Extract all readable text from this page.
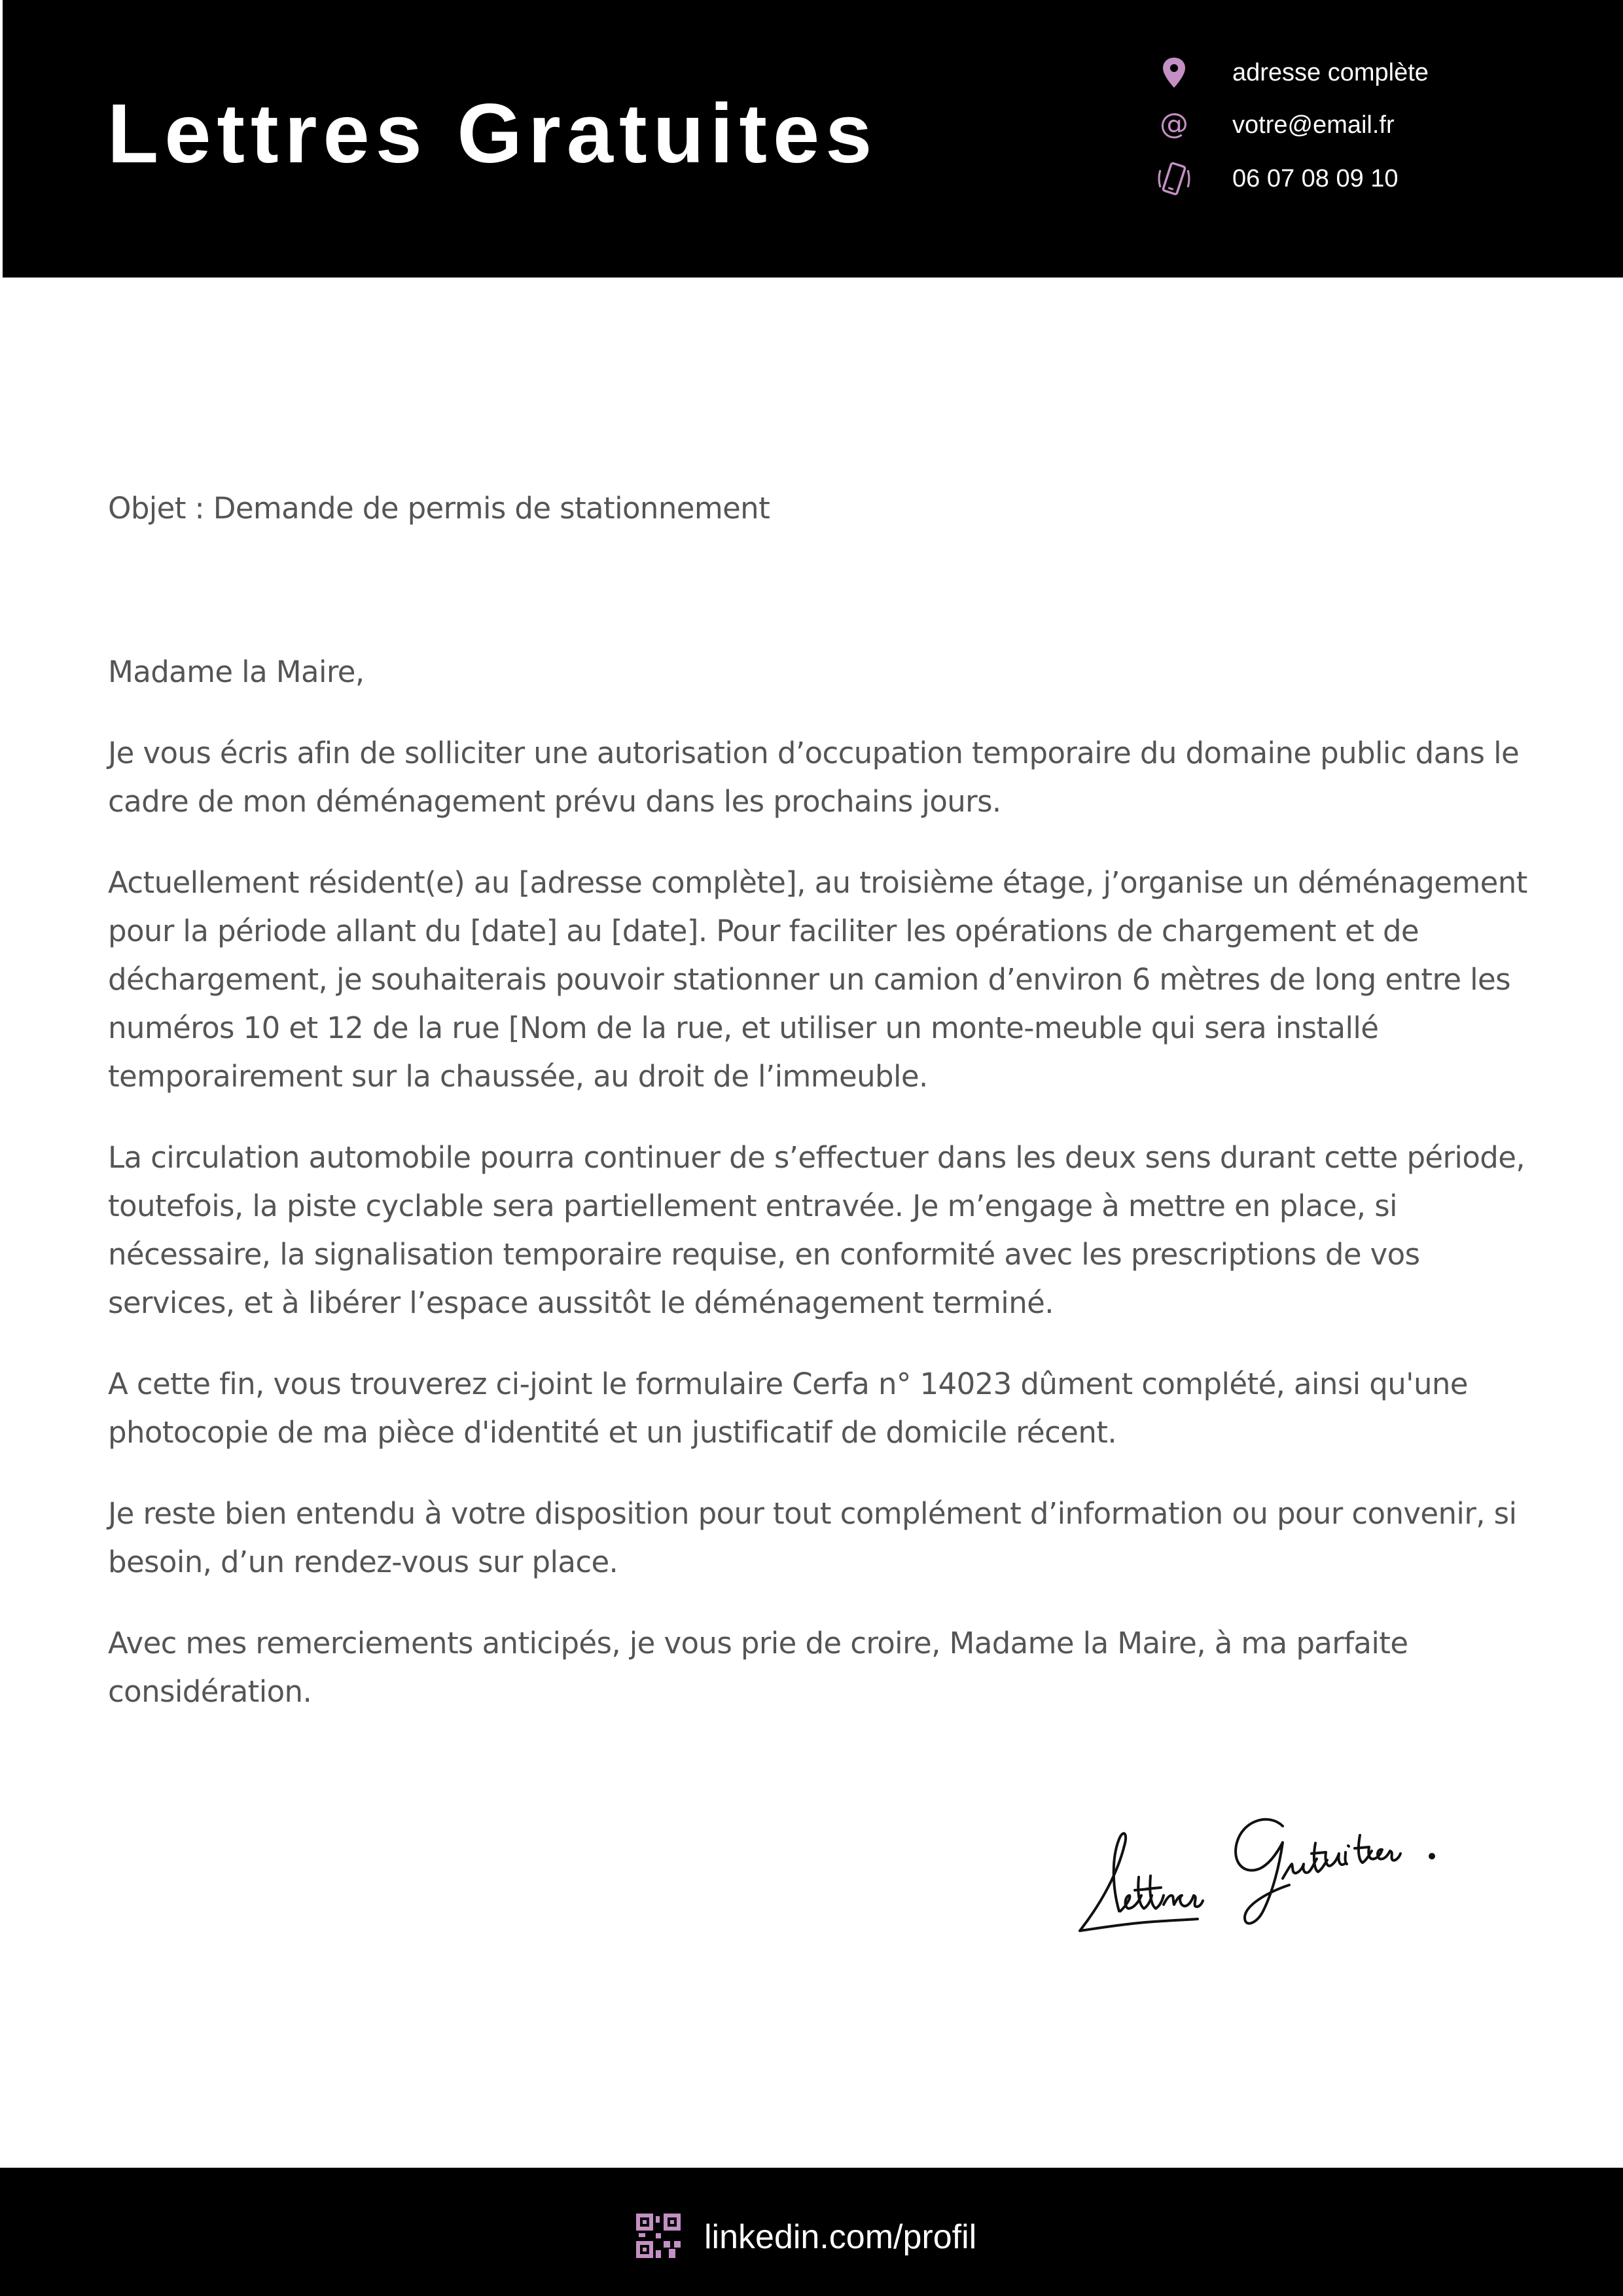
Lettres Gratuites
adresse complète
@ votre@email.fr
06 07 08 09 10

Objet : Demande de permis de stationnement

Madame la Maire,

Je vous écris afin de solliciter une autorisation d’occupation temporaire du domaine public dans le cadre de mon déménagement prévu dans les prochains jours.

Actuellement résident(e) au [adresse complète], au troisième étage, j’organise un déménagement pour la période allant du [date] au [date]. Pour faciliter les opérations de chargement et de déchargement, je souhaiterais pouvoir stationner un camion d’environ 6 mètres de long entre les numéros 10 et 12 de la rue [Nom de la rue, et utiliser un monte-meuble qui sera installé temporairement sur la chaussée, au droit de l’immeuble.

La circulation automobile pourra continuer de s’effectuer dans les deux sens durant cette période, toutefois, la piste cyclable sera partiellement entravée. Je m’engage à mettre en place, si nécessaire, la signalisation temporaire requise, en conformité avec les prescriptions de vos services, et à libérer l’espace aussitôt le déménagement terminé.

A cette fin, vous trouverez ci-joint le formulaire Cerfa n° 14023 dûment complété, ainsi qu'une photocopie de ma pièce d'identité et un justificatif de domicile récent.

Je reste bien entendu à votre disposition pour tout complément d’information ou pour convenir, si besoin, d’un rendez-vous sur place.

Avec mes remerciements anticipés, je vous prie de croire, Madame la Maire, à ma parfaite considération.

linkedin.com/profil
